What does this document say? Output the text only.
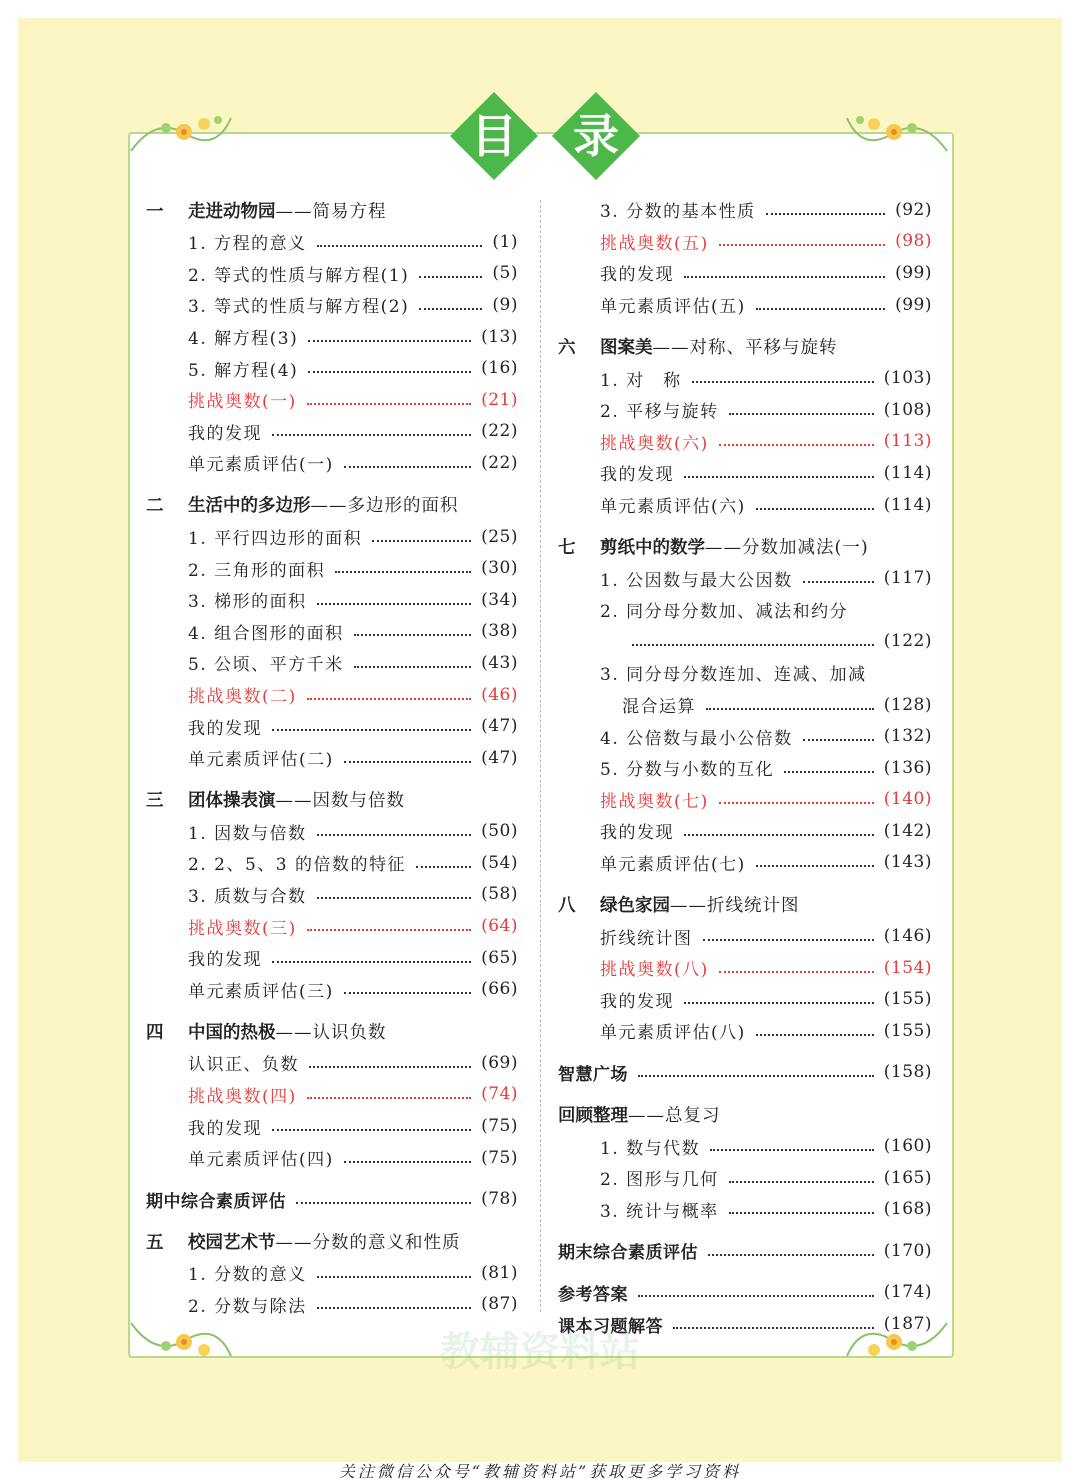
目	录
一	走进动物园 ——简易方程
1. 方程的意义	(1)
2. 等式的性质与解方程(1)	(5)
3. 等式的性质与解方程(2)	(9)
4. 解方程(3)	(13)
5. 解方程(4)	(16)
挑战奥数(一)	(21)
我的发现	(22)
单元素质评估(一)	(22)
二	生活中的多边形 ——多边形的面积
1. 平行四边形的面积	(25)
2. 三角形的面积	(30)
3. 梯形的面积	(34)
4. 组合图形的面积	(38)
5. 公顷、平方千米	(43)
挑战奥数(二)	(46)
我的发现	(47)
单元素质评估(二)	(47)
三	团体操表演 ——因数与倍数
1. 因数与倍数	(50)
2. 2、5、3 的倍数的特征	(54)
3. 质数与合数	(58)
挑战奥数(三)	(64)
我的发现	(65)
单元素质评估(三)	(66)
四	中国的热极 ——认识负数
认识正、负数	(69)
挑战奥数(四)	(74)
我的发现	(75)
单元素质评估(四)	(75)
期中综合素质评估	(78)
五	校园艺术节 ——分数的意义和性质
1. 分数的意义	(81)
2. 分数与除法	(87)
3. 分数的基本性质	(92)
挑战奥数(五)	(98)
我的发现	(99)
单元素质评估(五)	(99)
六	图案美 ——对称、平移与旋转
1. 对　称	(103)
2. 平移与旋转	(108)
挑战奥数(六)	(113)
我的发现	(114)
单元素质评估(六)	(114)
七	剪纸中的数学 ——分数加减法(一)
1. 公因数与最大公因数	(117)
2. 同分母分数加、减法和约分
(122)
3. 同分母分数连加、连减、加减
混合运算	(128)
4. 公倍数与最小公倍数	(132)
5. 分数与小数的互化	(136)
挑战奥数(七)	(140)
我的发现	(142)
单元素质评估(七)	(143)
八	绿色家园 ——折线统计图
折线统计图	(146)
挑战奥数(八)	(154)
我的发现	(155)
单元素质评估(八)	(155)
智慧广场	(158)
回顾整理 ——总复习
1. 数与代数	(160)
2. 图形与几何	(165)
3. 统计与概率	(168)
期末综合素质评估	(170)
参考答案	(174)
课本习题解答	(187)
教辅资料站
关注微信公众号“教辅资料站”获取更多学习资料
